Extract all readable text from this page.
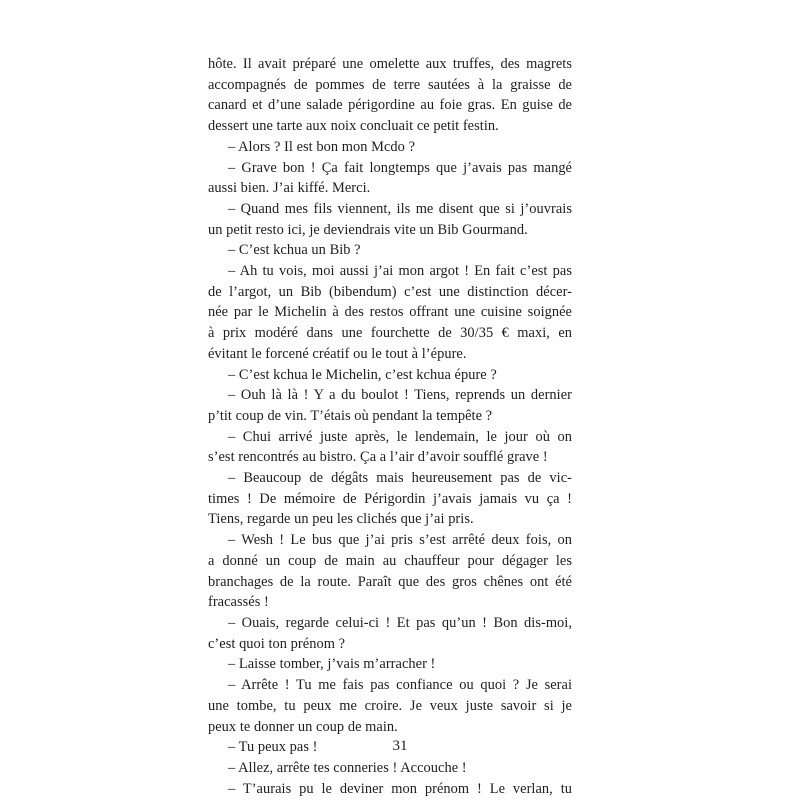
hôte. Il avait préparé une omelette aux truffes, des magrets
accompagnés de pommes de terre sautées à la graisse de
canard et d’une salade périgordine au foie gras. En guise de
dessert une tarte aux noix concluait ce petit festin.
– Alors ? Il est bon mon Mcdo ?
– Grave bon ! Ça fait longtemps que j’avais pas mangé
aussi bien. J’ai kiffé. Merci.
– Quand mes fils viennent, ils me disent que si j’ouvrais
un petit resto ici, je deviendrais vite un Bib Gourmand.
– C’est kchua un Bib ?
– Ah tu vois, moi aussi j’ai mon argot ! En fait c’est pas
de l’argot, un Bib (bibendum) c’est une distinction décer-
née par le Michelin à des restos offrant une cuisine soignée
à prix modéré dans une fourchette de 30/35 € maxi, en
évitant le forcené créatif ou le tout à l’épure.
– C’est kchua le Michelin, c’est kchua épure ?
– Ouh là là ! Y a du boulot ! Tiens, reprends un dernier
p’tit coup de vin. T’étais où pendant la tempête ?
– Chui arrivé juste après, le lendemain, le jour où on
s’est rencontrés au bistro. Ça a l’air d’avoir soufflé grave !
– Beaucoup de dégâts mais heureusement pas de vic-
times ! De mémoire de Périgordin j’avais jamais vu ça !
Tiens, regarde un peu les clichés que j’ai pris.
– Wesh ! Le bus que j’ai pris s’est arrêté deux fois, on
a donné un coup de main au chauffeur pour dégager les
branchages de la route. Paraît que des gros chênes ont été
fracassés !
– Ouais, regarde celui-ci ! Et pas qu’un ! Bon dis-moi,
c’est quoi ton prénom ?
– Laisse tomber, j’vais m’arracher !
– Arrête ! Tu me fais pas confiance ou quoi ? Je serai
une tombe, tu peux me croire. Je veux juste savoir si je
peux te donner un coup de main.
– Tu peux pas !
– Allez, arrête tes conneries ! Accouche !
– T’aurais pu le deviner mon prénom ! Le verlan, tu
31
